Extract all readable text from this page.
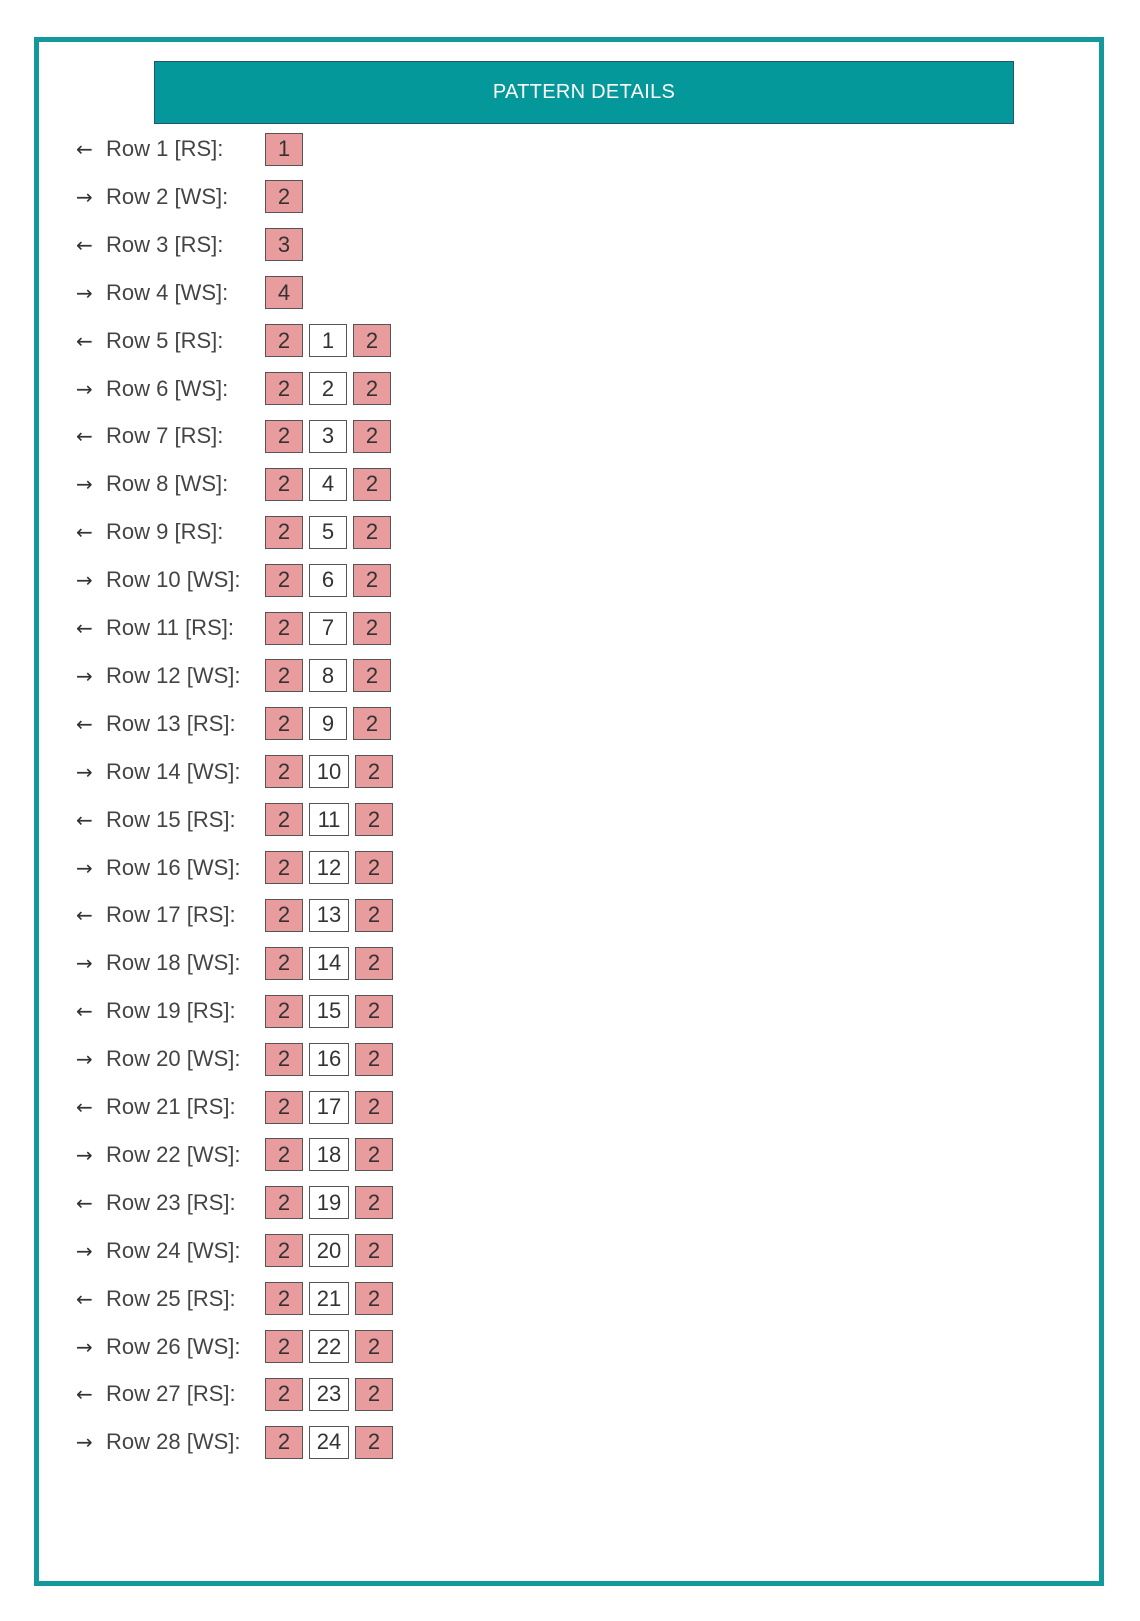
PATTERN DETAILS
← Row 1 [RS]:	1
→ Row 2 [WS]:	2
← Row 3 [RS]:	3
→ Row 4 [WS]:	4
← Row 5 [RS]:	2	1	2
→ Row 6 [WS]:	2	2	2
← Row 7 [RS]:	2	3	2
→ Row 8 [WS]:	2	4	2
← Row 9 [RS]:	2	5	2
→ Row 10 [WS]:	2	6	2
← Row 11 [RS]:	2	7	2
→ Row 12 [WS]:	2	8	2
← Row 13 [RS]:	2	9	2
→ Row 14 [WS]:	2	10	2
← Row 15 [RS]:	2	11	2
→ Row 16 [WS]:	2	12	2
← Row 17 [RS]:	2	13	2
→ Row 18 [WS]:	2	14	2
← Row 19 [RS]:	2	15	2
→ Row 20 [WS]:	2	16	2
← Row 21 [RS]:	2	17	2
→ Row 22 [WS]:	2	18	2
← Row 23 [RS]:	2	19	2
→ Row 24 [WS]:	2	20	2
← Row 25 [RS]:	2	21	2
→ Row 26 [WS]:	2	22	2
← Row 27 [RS]:	2	23	2
→ Row 28 [WS]:	2	24	2
